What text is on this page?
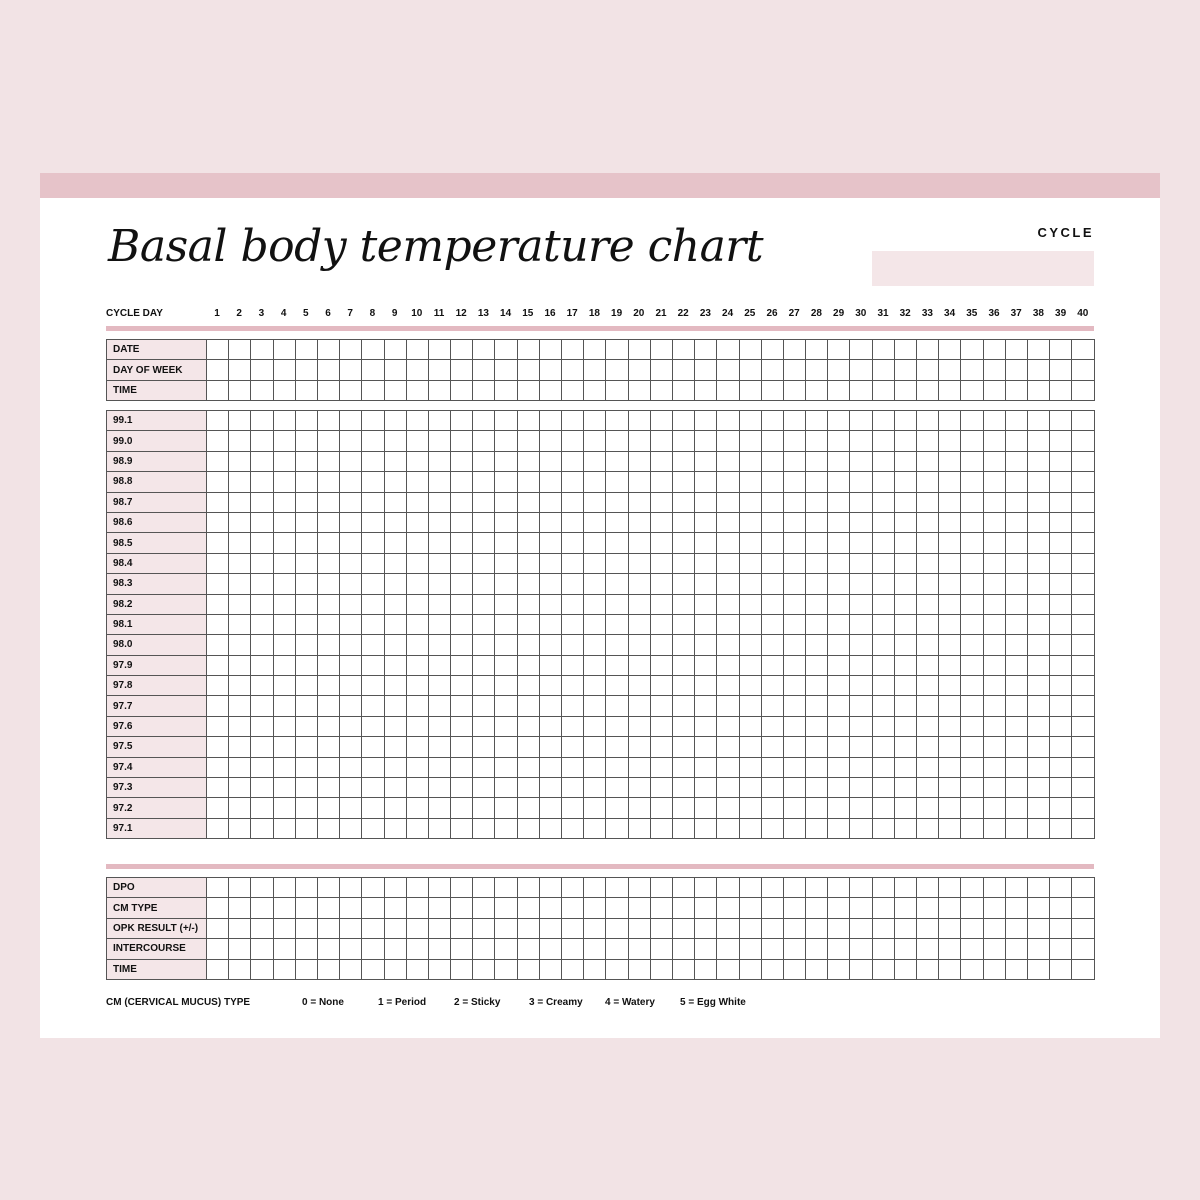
Basal body temperature chart	CYCLE
CYCLE DAY	1	2	3	4	5	6	7	8	9	10	11	12	13	14	15	16	17	18	19	20	21	22	23	24	25	26	27	28	29	30	31	32	33	34	35	36	37	38	39	40
DATE																																								
DAY OF WEEK																																								
TIME																																								
99.1																																								
99.0																																								
98.9																																								
98.8																																								
98.7																																								
98.6																																								
98.5																																								
98.4																																								
98.3																																								
98.2																																								
98.1																																								
98.0																																								
97.9																																								
97.8																																								
97.7																																								
97.6																																								
97.5																																								
97.4																																								
97.3																																								
97.2																																								
97.1																																								
DPO																																								
CM TYPE																																								
OPK RESULT (+/-)																																								
INTERCOURSE																																								
TIME																																								
CM (CERVICAL MUCUS) TYPE	0 = None	1 = Period	2 = Sticky	3 = Creamy 4 = Watery	5 = Egg White
